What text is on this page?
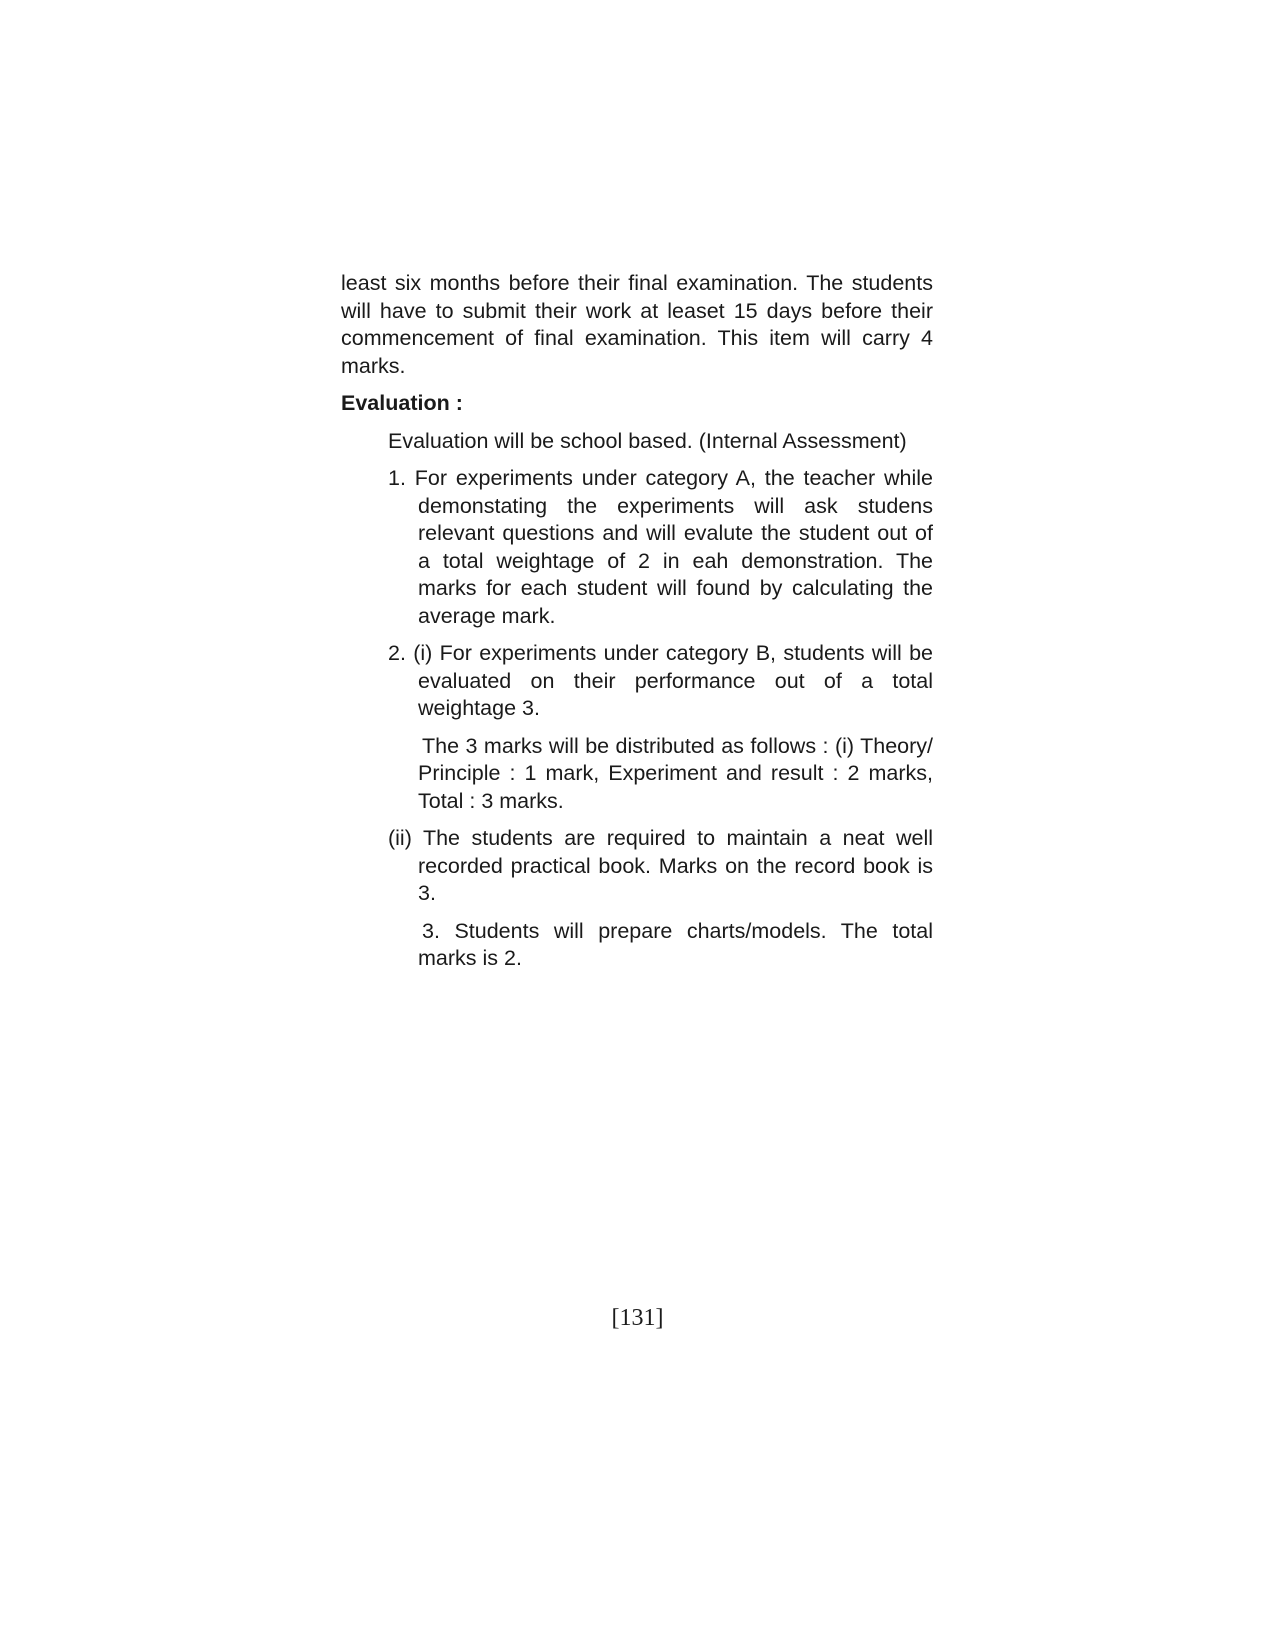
least six months before their final examination. The students will have to submit their work at leaset 15 days before their commencement of final examination. This item will carry 4 marks.

Evaluation :

Evaluation will be school based. (Internal Assessment)

1. For experiments under category A, the teacher while demonstating the experiments will ask studens relevant questions and will evalute the student out of a total weightage of 2 in eah demonstration. The marks for each student will found by calculating the average mark.

2. (i) For experiments under category B, students will be evaluated on their performance out of a total weightage 3.

The 3 marks will be distributed as follows : (i) Theory/ Principle : 1 mark, Experiment and result : 2 marks, Total : 3 marks.

(ii) The students are required to maintain a neat well recorded practical book. Marks on the record book is 3.

3. Students will prepare charts/models. The total marks is 2.

[131]
